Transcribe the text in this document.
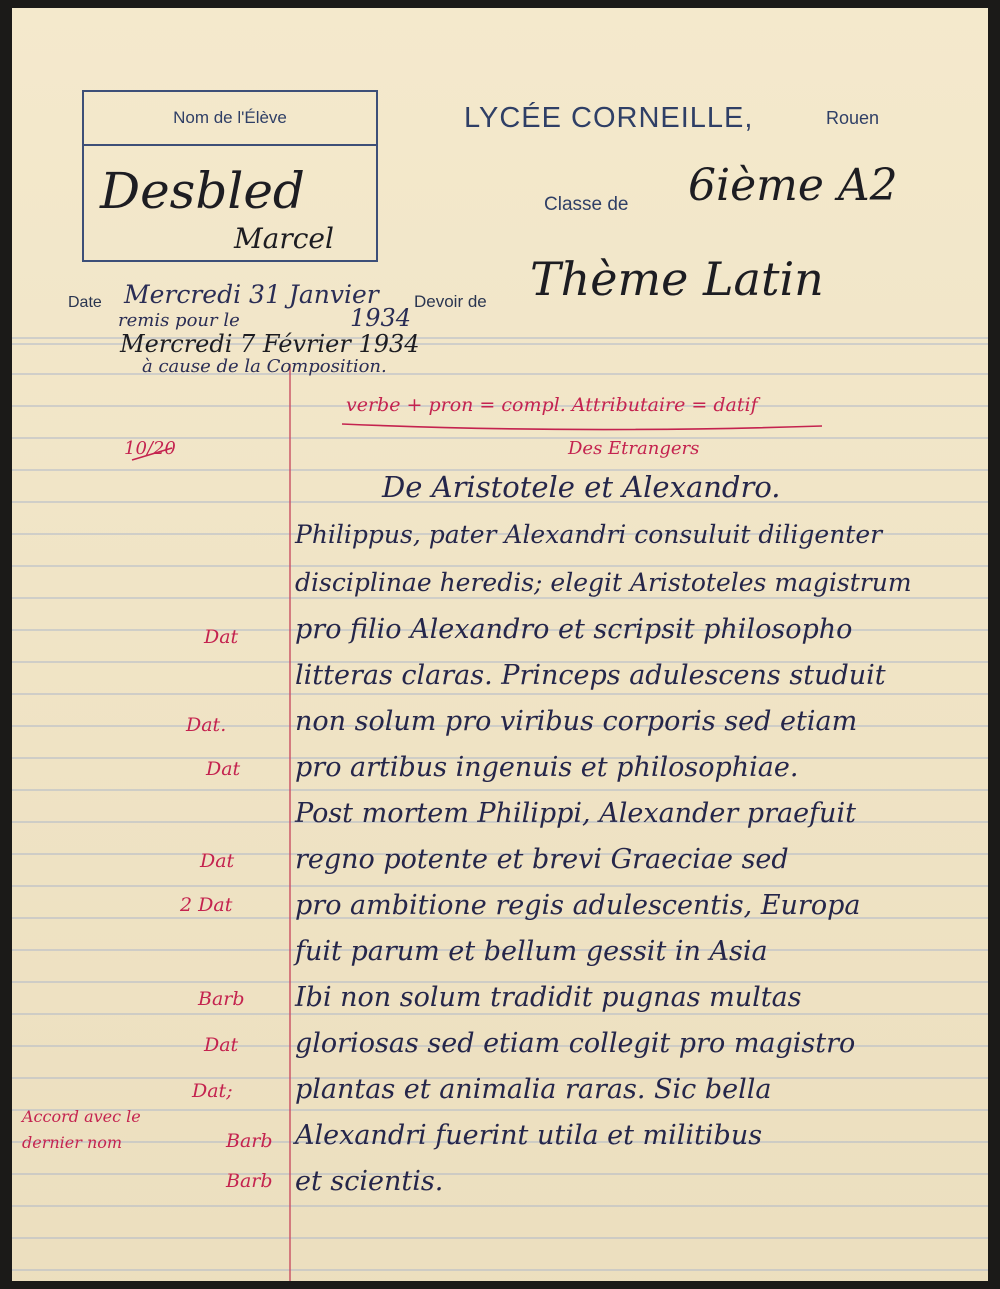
Nom de l'Élève
Desbled
Marcel
LYCÉE CORNEILLE,	Rouen
Classe de 6ième A2
Date Mercredi 31 Janvier
remis pour le	1934
Mercredi 7 Février 1934
à cause de la Composition.
Devoir de Thème Latin
verbe + pron = compl. Attributaire = datif
10/20	Des Etrangers
De Aristotele et Alexandro.
Philippus, pater Alexandri consuluit diligenter
disciplinae heredis; elegit Aristoteles magistrum
pro filio Alexandro et scripsit philosopho
litteras claras. Princeps adulescens studuit
non solum pro viribus corporis sed etiam
pro artibus ingenuis et philosophiae.
Post mortem Philippi, Alexander praefuit
regno potente et brevi Graeciae sed
pro ambitione regis adulescentis, Europa
fuit parum et bellum gessit in Asia
Ibi non solum tradidit pugnas multas
gloriosas sed etiam collegit pro magistro
plantas et animalia raras. Sic bella
Alexandri fuerint utila et militibus
et scientis.
Dat
Dat.
Dat
Dat
2 Dat
Barb
Dat
Dat;
Barb
Barb
Accord avec le dernier nom
